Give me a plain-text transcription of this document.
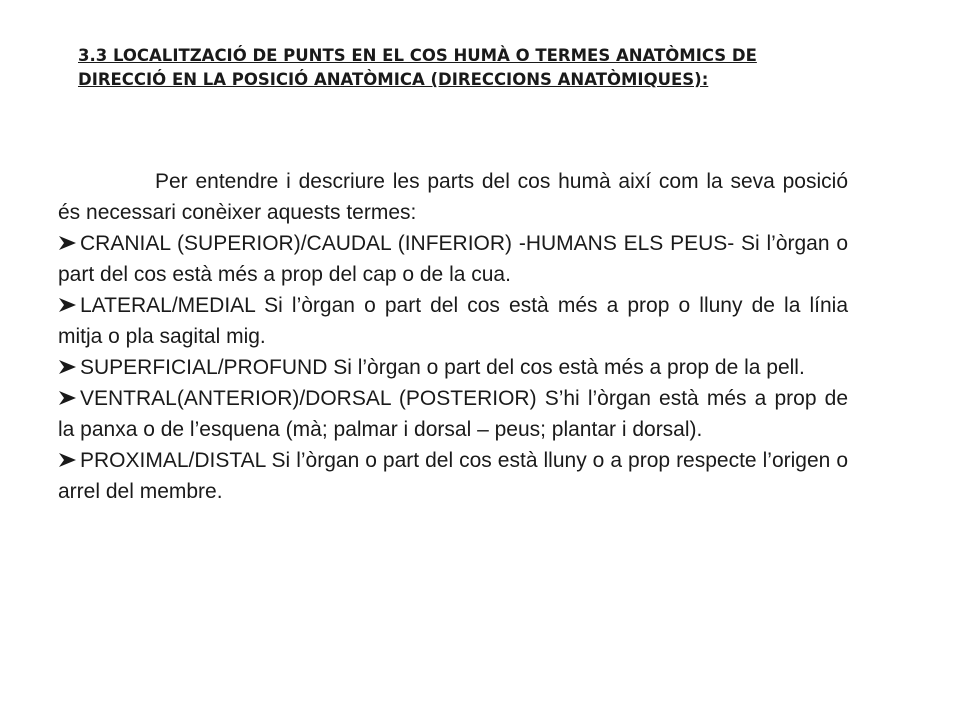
3.3 LOCALITZACIÓ DE PUNTS EN EL COS HUMÀ O TERMES ANATÒMICS DE DIRECCIÓ EN LA POSICIÓ ANATÒMICA (DIRECCIONS ANATÒMIQUES):

Per entendre i descriure les parts del cos humà així com la seva posició és necessari conèixer aquests termes:

CRANIAL (SUPERIOR)/CAUDAL (INFERIOR) -HUMANS ELS PEUS- Si l’òrgan o part del cos està més a prop del cap o de la cua.
LATERAL/MEDIAL Si l’òrgan o part del cos està més a prop o lluny de la línia mitja o pla sagital mig.
SUPERFICIAL/PROFUND Si l’òrgan o part del cos està més a prop de la pell.
VENTRAL(ANTERIOR)/DORSAL (POSTERIOR) S’hi l’òrgan està més a prop de la panxa o de l’esquena (mà; palmar i dorsal – peus; plantar i dorsal).
PROXIMAL/DISTAL Si l’òrgan o part del cos està lluny o a prop respecte l’origen o arrel del membre.
